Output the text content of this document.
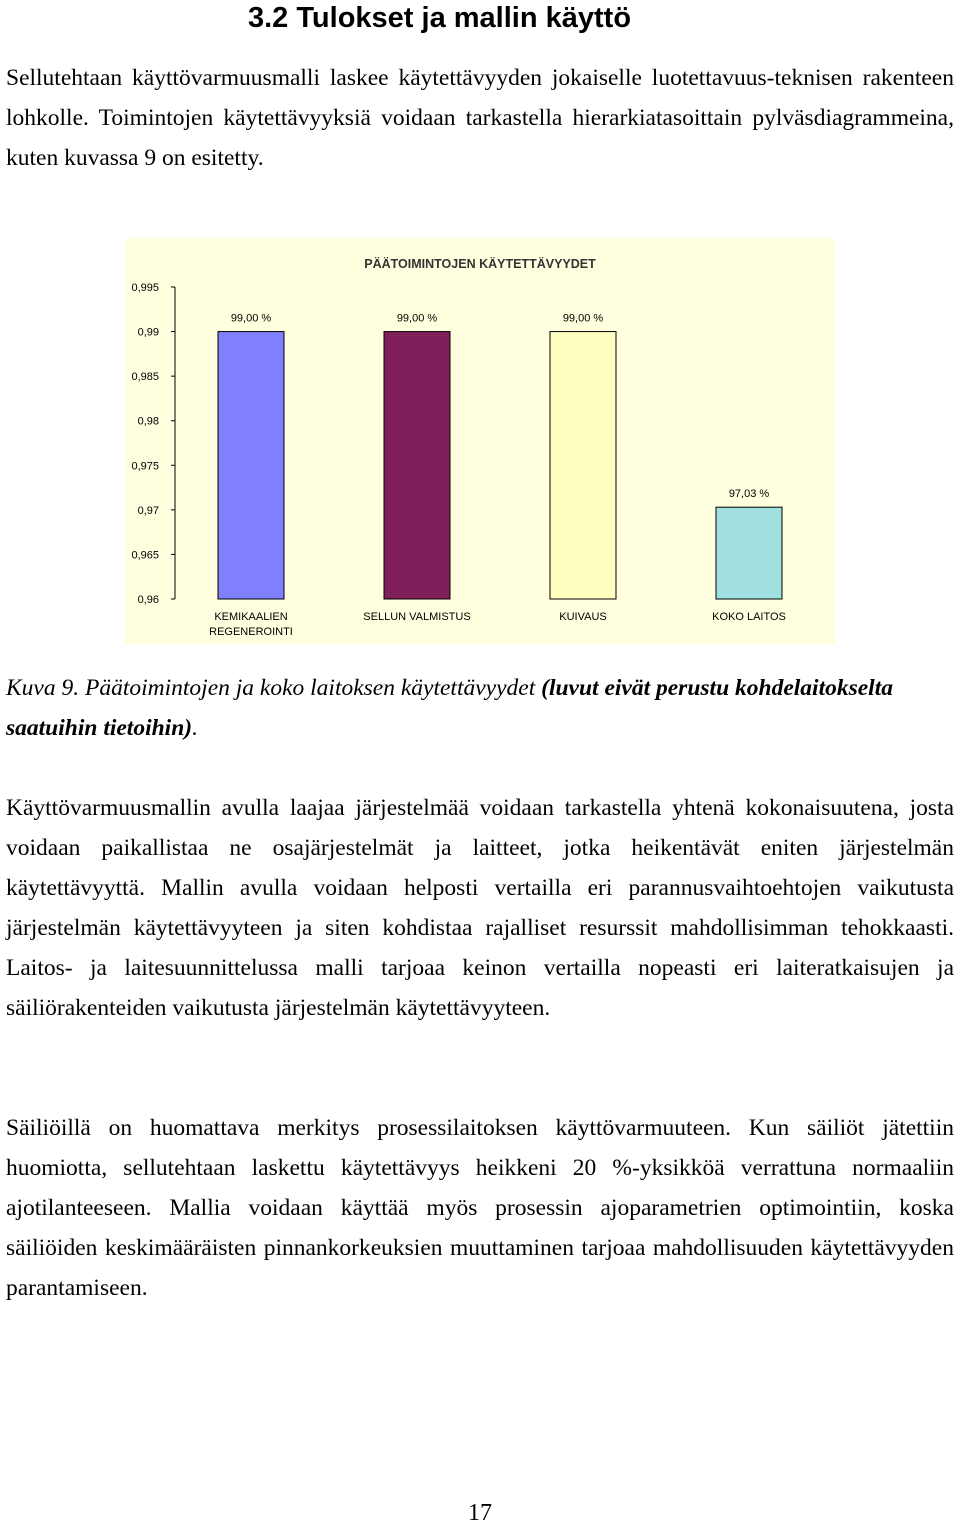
3.2 Tulokset ja mallin käyttö

Sellutehtaan käyttövarmuusmalli laskee käytettävyyden jokaiselle luotettavuus-teknisen rakenteen lohkolle. Toimintojen käytettävyyksiä voidaan tarkastella hierarkiatasoittain pylväsdiagrammeina, kuten kuvassa 9 on esitetty.

PÄÄTOIMINTOJEN KÄYTETTÄVYYDET
0,995
0,99
0,985
0,98
0,975
0,97
0,965
0,96
99,00 %
KEMIKAALIEN
REGENEROINTI
99,00 %
SELLUN VALMISTUS
99,00 %
KUIVAUS
97,03 %
KOKO LAITOS

Kuva 9. Päätoimintojen ja koko laitoksen käytettävyydet (luvut eivät perustu kohdelaitokselta saatuihin tietoihin).

Käyttövarmuusmallin avulla laajaa järjestelmää voidaan tarkastella yhtenä kokonaisuutena, josta voidaan paikallistaa ne osajärjestelmät ja laitteet, jotka heikentävät eniten järjestelmän käytettävyyttä. Mallin avulla voidaan helposti vertailla eri parannusvaihtoehtojen vaikutusta järjestelmän käytettävyyteen ja siten kohdistaa rajalliset resurssit mahdollisimman tehokkaasti. Laitos- ja laitesuunnittelussa malli tarjoaa keinon vertailla nopeasti eri laiteratkaisujen ja säiliörakenteiden vaikutusta järjestelmän käytettävyyteen.

Säiliöillä on huomattava merkitys prosessilaitoksen käyttövarmuuteen. Kun säiliöt jätettiin huomiotta, sellutehtaan laskettu käytettävyys heikkeni 20 %-yksikköä verrattuna normaaliin ajotilanteeseen. Mallia voidaan käyttää myös prosessin ajoparametrien optimointiin, koska säiliöiden keskimääräisten pinnankorkeuksien muuttaminen tarjoaa mahdollisuuden käytettävyyden parantamiseen.

17
